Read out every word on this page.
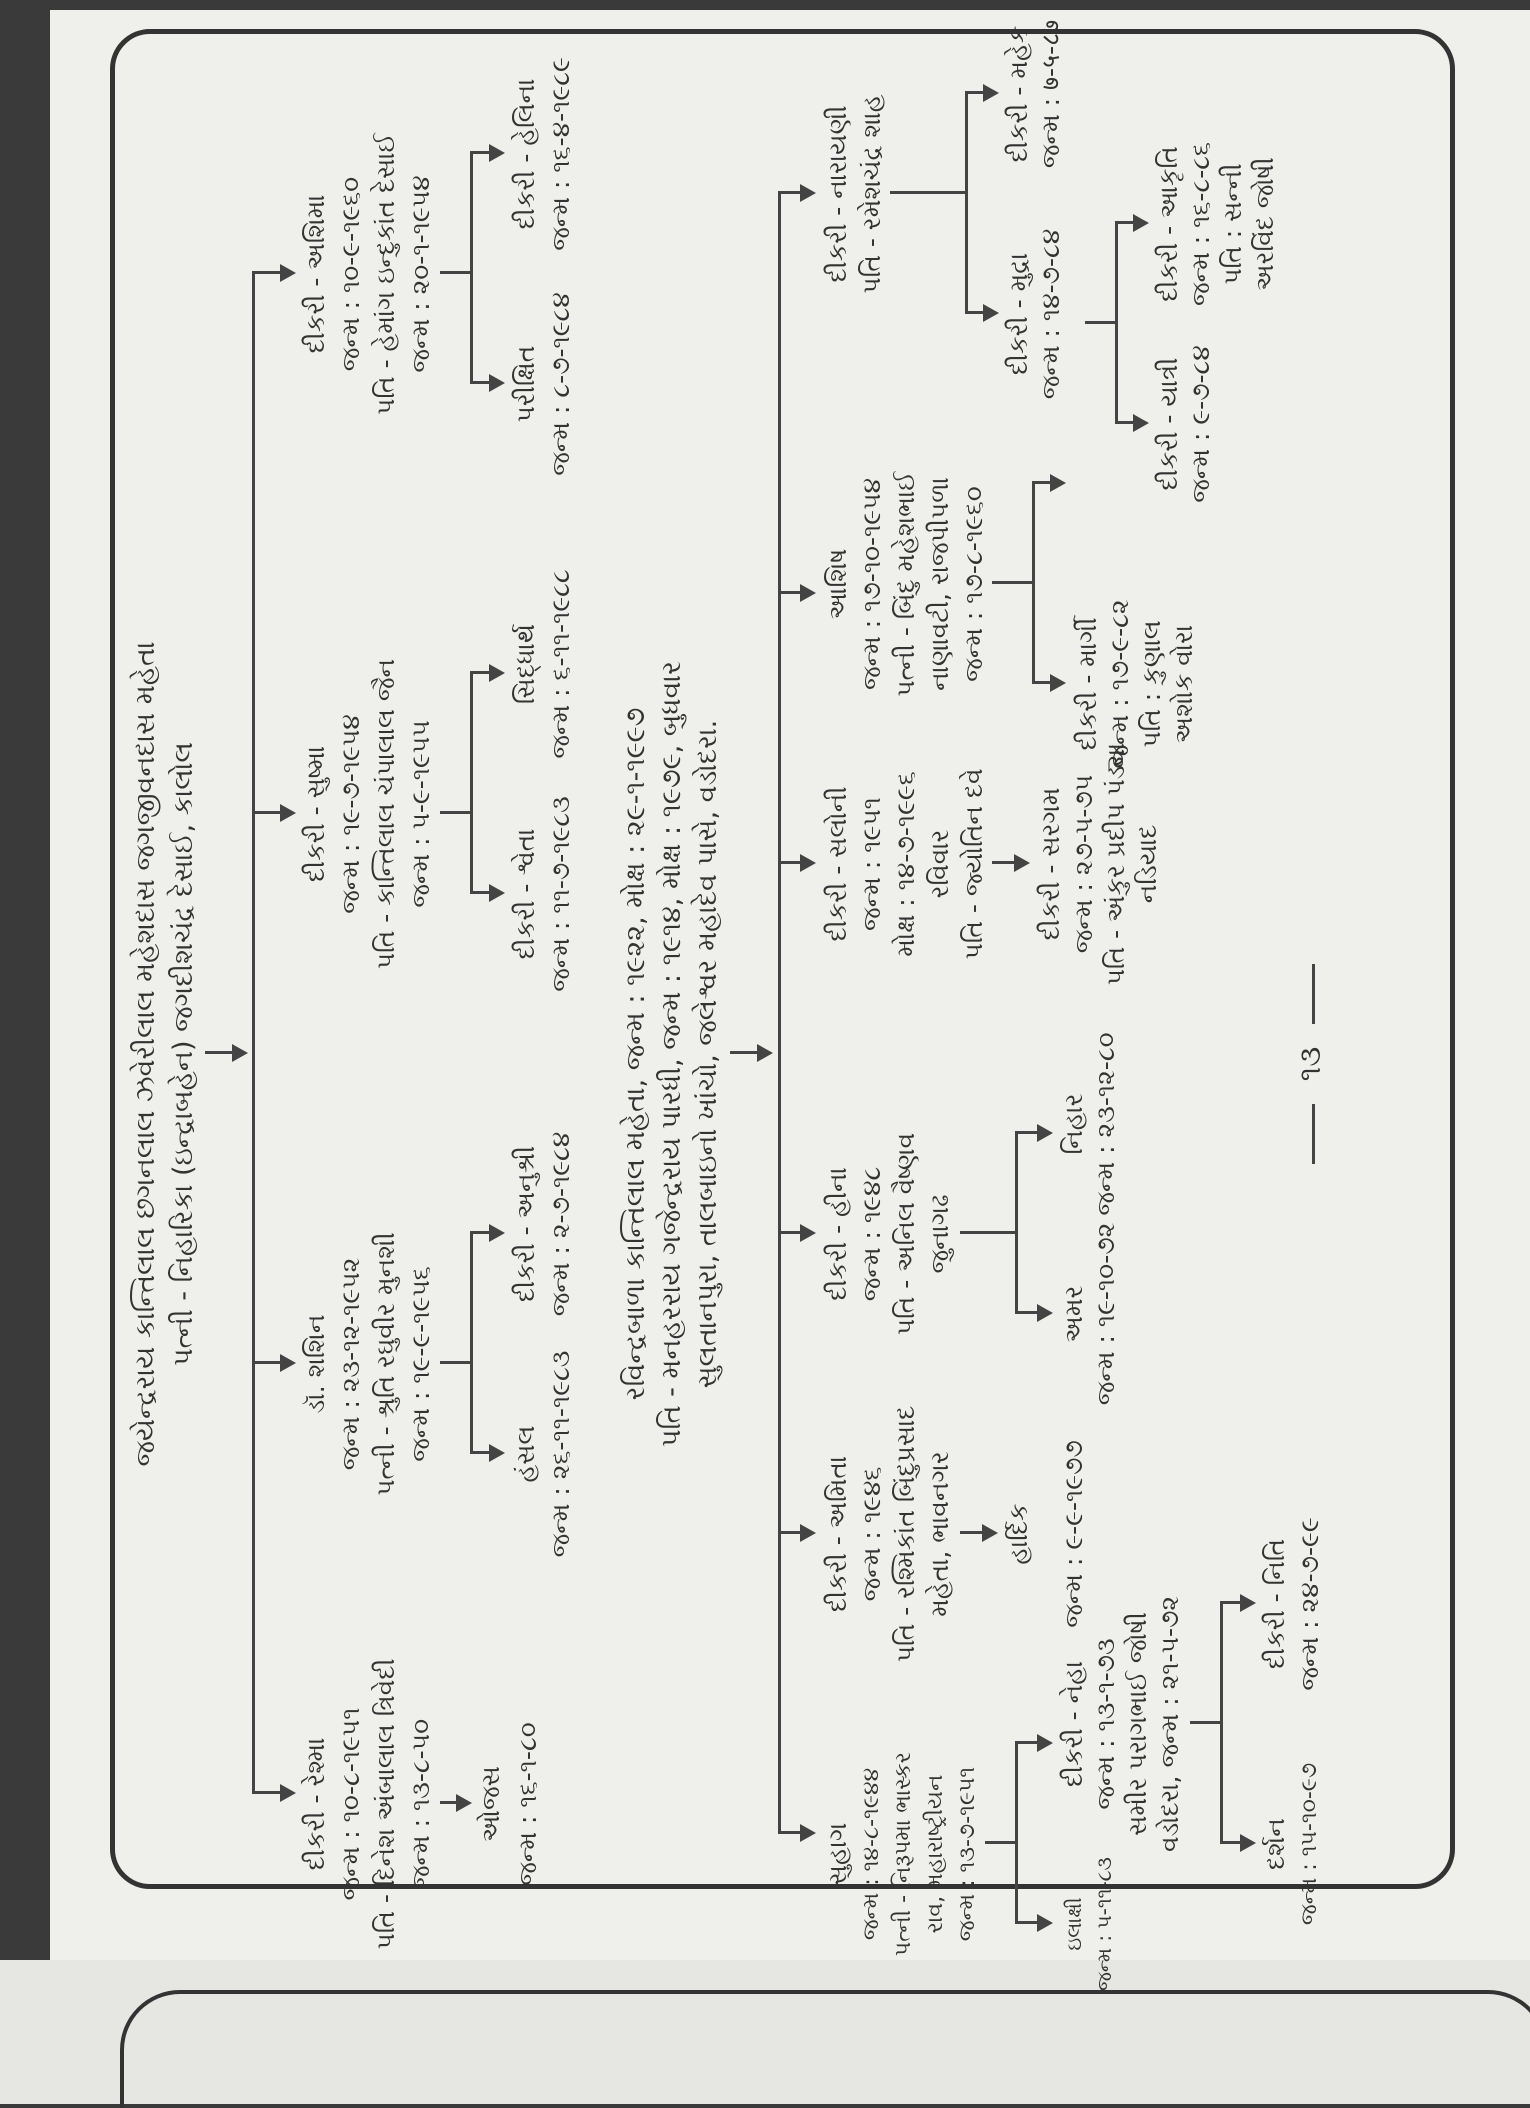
જયેન્દ્રરાય કાન્તિલાલ છગનલાલ ઝવેરીલાલ મહેશદાસ જગજીવનદાસ મહેતા પત્ની - નિહારિકા (ઇન્દ્રાબહેન) જગદીશચંદ્ર દેસાઈ, કાલોલ
દીકરી - રેશ્મા જન્મ : ૧૦-૮-૧૯૫૧ પતિ - દિનેશ અંબાલાલ ત્રિવેદી જન્મ : ૧૩-૮-૫૦
ડૉ. શશિન જન્મ : ૨૩-૧૨-૧૯૫૨ પત્ની - શ્રુતિ રઘુવીર મુનશી જન્મ : ૧૯-૯-૧૯૫૬
દીકરી - સુષ્મા જન્મ : ૧૯-૭-૧૯૫૪ પતિ - કાન્તિલાલ ચંપાલાલ જૈન જન્મ : ૫-૯-૧૯૫૫
દીકરી - અશિમા જન્મ : ૧૦-૯-૧૯૬૦ પતિ - હેમાંગ ઇન્દુકાંત દેસાઈ જન્મ : ૨૦-૧-૧૯૫૪
ઓજસ જન્મ : ૧૬-૧-૮૦
હંસલ જન્મ : ૨૬-૧૧-૧૯૮૩
દીકરી - અનુશ્રી જન્મ : ૨-૭-૧૯૮૪
દીકરી - શ્વેતા જન્મ : ૧૧-૭-૧૯૮૩
સિદ્ધાર્થ જન્મ : ૬-૧૧-૧૯૮૮
પરીક્ષિત જન્મ : ૮-૭-૧૯૮૪
દીકરી - હેલિના જન્મ : ૧૬-૪-૧૯૮૯
રવિન્દ્રબાળા કાન્તિલાલ મહેતા, જન્મ : ૧૯૨૨, મોક્ષ : ૨૯-૧-૧૯૯૭ પતિ - મનહરરાય ગજેન્દ્રરાય પારધી, જન્મ : ૧૯૧૪, મોક્ષ : ૧૯૭૯, બુધવાર સુલતાનપુરા, તાલબાઇનો ખાંચો, જલેશ્વર મહાદેવ પાસે, વડોદરા.
સુહાગ જન્મ : ૧૪-૮-૧૯૪૪ પત્ની - નિરૂપમા ભાસ્કર રાવ, મહારાષ્ટ્રીયન જન્મ : ૧૩-૭-૧૯૫૧
દીકરી - અમિતા જન્મ : ૧૯૪૬ પતિ - રશ્મિકાંત બિંદુપ્રસાદ મહેતા, ભાવનગર
દીકરી - હીના જન્મ : ૧૯૪૮ પતિ - અનિલ વૈષ્ણવ જુનાગઢ
દીકરી - સલોની જન્મ : ૧૯૫૧ મોક્ષ : ૧૪-૭-૧૯૯૬ રવિવાર પતિ - જ્યોતિન દવે
આશિષ જન્મ : ૧૭-૧૦-૧૯૫૪ પત્ની - બિંદુ મહેશભાઈ નાણાવટી, રાજપીપળા જન્મ : ૧૭-૮-૧૯૬૦
દીકરી - નારાયણી પતિ - રમેશચંદ્ર શાહ
ઇલાક્ષી જન્મ : ૫-૧૧-૮૩
દીકરી - નેહા જન્મ : ૧૩-૧-૭૩ સમીર પરાગભાઈ જોષી વડોદરા, જન્મ : ૨૧-૫-૭૨
હાર્દિક જન્મ : ૯-૯-૧૯૭૭
અમર જન્મ : ૧૯-૧૦-૭૨
નિહાર જન્મ : ૨૩-૧૨-૮૦
દીકરી - સરગમ જન્મ : ૨૭-૫-૭૫ પતિ - અંકુર પ્રદીપ પંડ્યા નડિયાદ
દીકરી - માર્ગી જન્મ : ૧૭-૯-૮૨ પતિ : કુણાલ અશોક વોરા
દીકરી - યાત્રી જન્મ : ૯-૭-૮૪
દીકરી - આકૃતિ જન્મ : ૧૬-૮-૮૬ પતિ : સન્ની અરવિંદ જોષી
દીકરી - મુદ્રા જન્મ : ૧૪-૭-૮૪
દીકરી - મહેક જન્મ : ७-५-८७
દર્શન જન્મ : ૧૫-૧૦-૯૭
દીકરી - નિતિ જન્મ : ૨૪-૭-૯૯
૧૩
